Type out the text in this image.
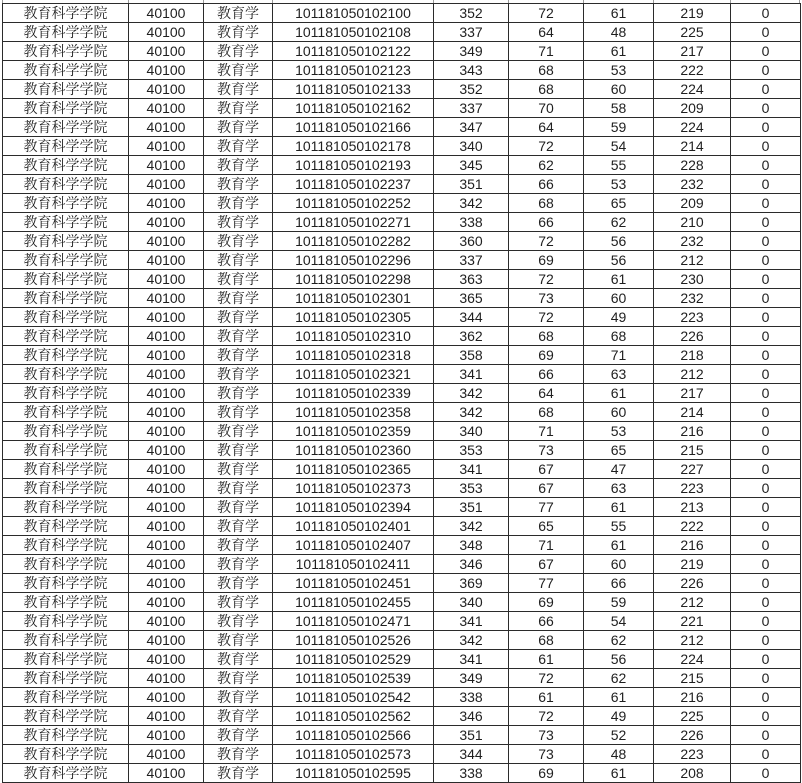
教育科学学院	40100	教育学	101181050102100	352	72	61	219	0
教育科学学院	40100	教育学	101181050102108	337	64	48	225	0
教育科学学院	40100	教育学	101181050102122	349	71	61	217	0
教育科学学院	40100	教育学	101181050102123	343	68	53	222	0
教育科学学院	40100	教育学	101181050102133	352	68	60	224	0
教育科学学院	40100	教育学	101181050102162	337	70	58	209	0
教育科学学院	40100	教育学	101181050102166	347	64	59	224	0
教育科学学院	40100	教育学	101181050102178	340	72	54	214	0
教育科学学院	40100	教育学	101181050102193	345	62	55	228	0
教育科学学院	40100	教育学	101181050102237	351	66	53	232	0
教育科学学院	40100	教育学	101181050102252	342	68	65	209	0
教育科学学院	40100	教育学	101181050102271	338	66	62	210	0
教育科学学院	40100	教育学	101181050102282	360	72	56	232	0
教育科学学院	40100	教育学	101181050102296	337	69	56	212	0
教育科学学院	40100	教育学	101181050102298	363	72	61	230	0
教育科学学院	40100	教育学	101181050102301	365	73	60	232	0
教育科学学院	40100	教育学	101181050102305	344	72	49	223	0
教育科学学院	40100	教育学	101181050102310	362	68	68	226	0
教育科学学院	40100	教育学	101181050102318	358	69	71	218	0
教育科学学院	40100	教育学	101181050102321	341	66	63	212	0
教育科学学院	40100	教育学	101181050102339	342	64	61	217	0
教育科学学院	40100	教育学	101181050102358	342	68	60	214	0
教育科学学院	40100	教育学	101181050102359	340	71	53	216	0
教育科学学院	40100	教育学	101181050102360	353	73	65	215	0
教育科学学院	40100	教育学	101181050102365	341	67	47	227	0
教育科学学院	40100	教育学	101181050102373	353	67	63	223	0
教育科学学院	40100	教育学	101181050102394	351	77	61	213	0
教育科学学院	40100	教育学	101181050102401	342	65	55	222	0
教育科学学院	40100	教育学	101181050102407	348	71	61	216	0
教育科学学院	40100	教育学	101181050102411	346	67	60	219	0
教育科学学院	40100	教育学	101181050102451	369	77	66	226	0
教育科学学院	40100	教育学	101181050102455	340	69	59	212	0
教育科学学院	40100	教育学	101181050102471	341	66	54	221	0
教育科学学院	40100	教育学	101181050102526	342	68	62	212	0
教育科学学院	40100	教育学	101181050102529	341	61	56	224	0
教育科学学院	40100	教育学	101181050102539	349	72	62	215	0
教育科学学院	40100	教育学	101181050102542	338	61	61	216	0
教育科学学院	40100	教育学	101181050102562	346	72	49	225	0
教育科学学院	40100	教育学	101181050102566	351	73	52	226	0
教育科学学院	40100	教育学	101181050102573	344	73	48	223	0
教育科学学院	40100	教育学	101181050102595	338	69	61	208	0
